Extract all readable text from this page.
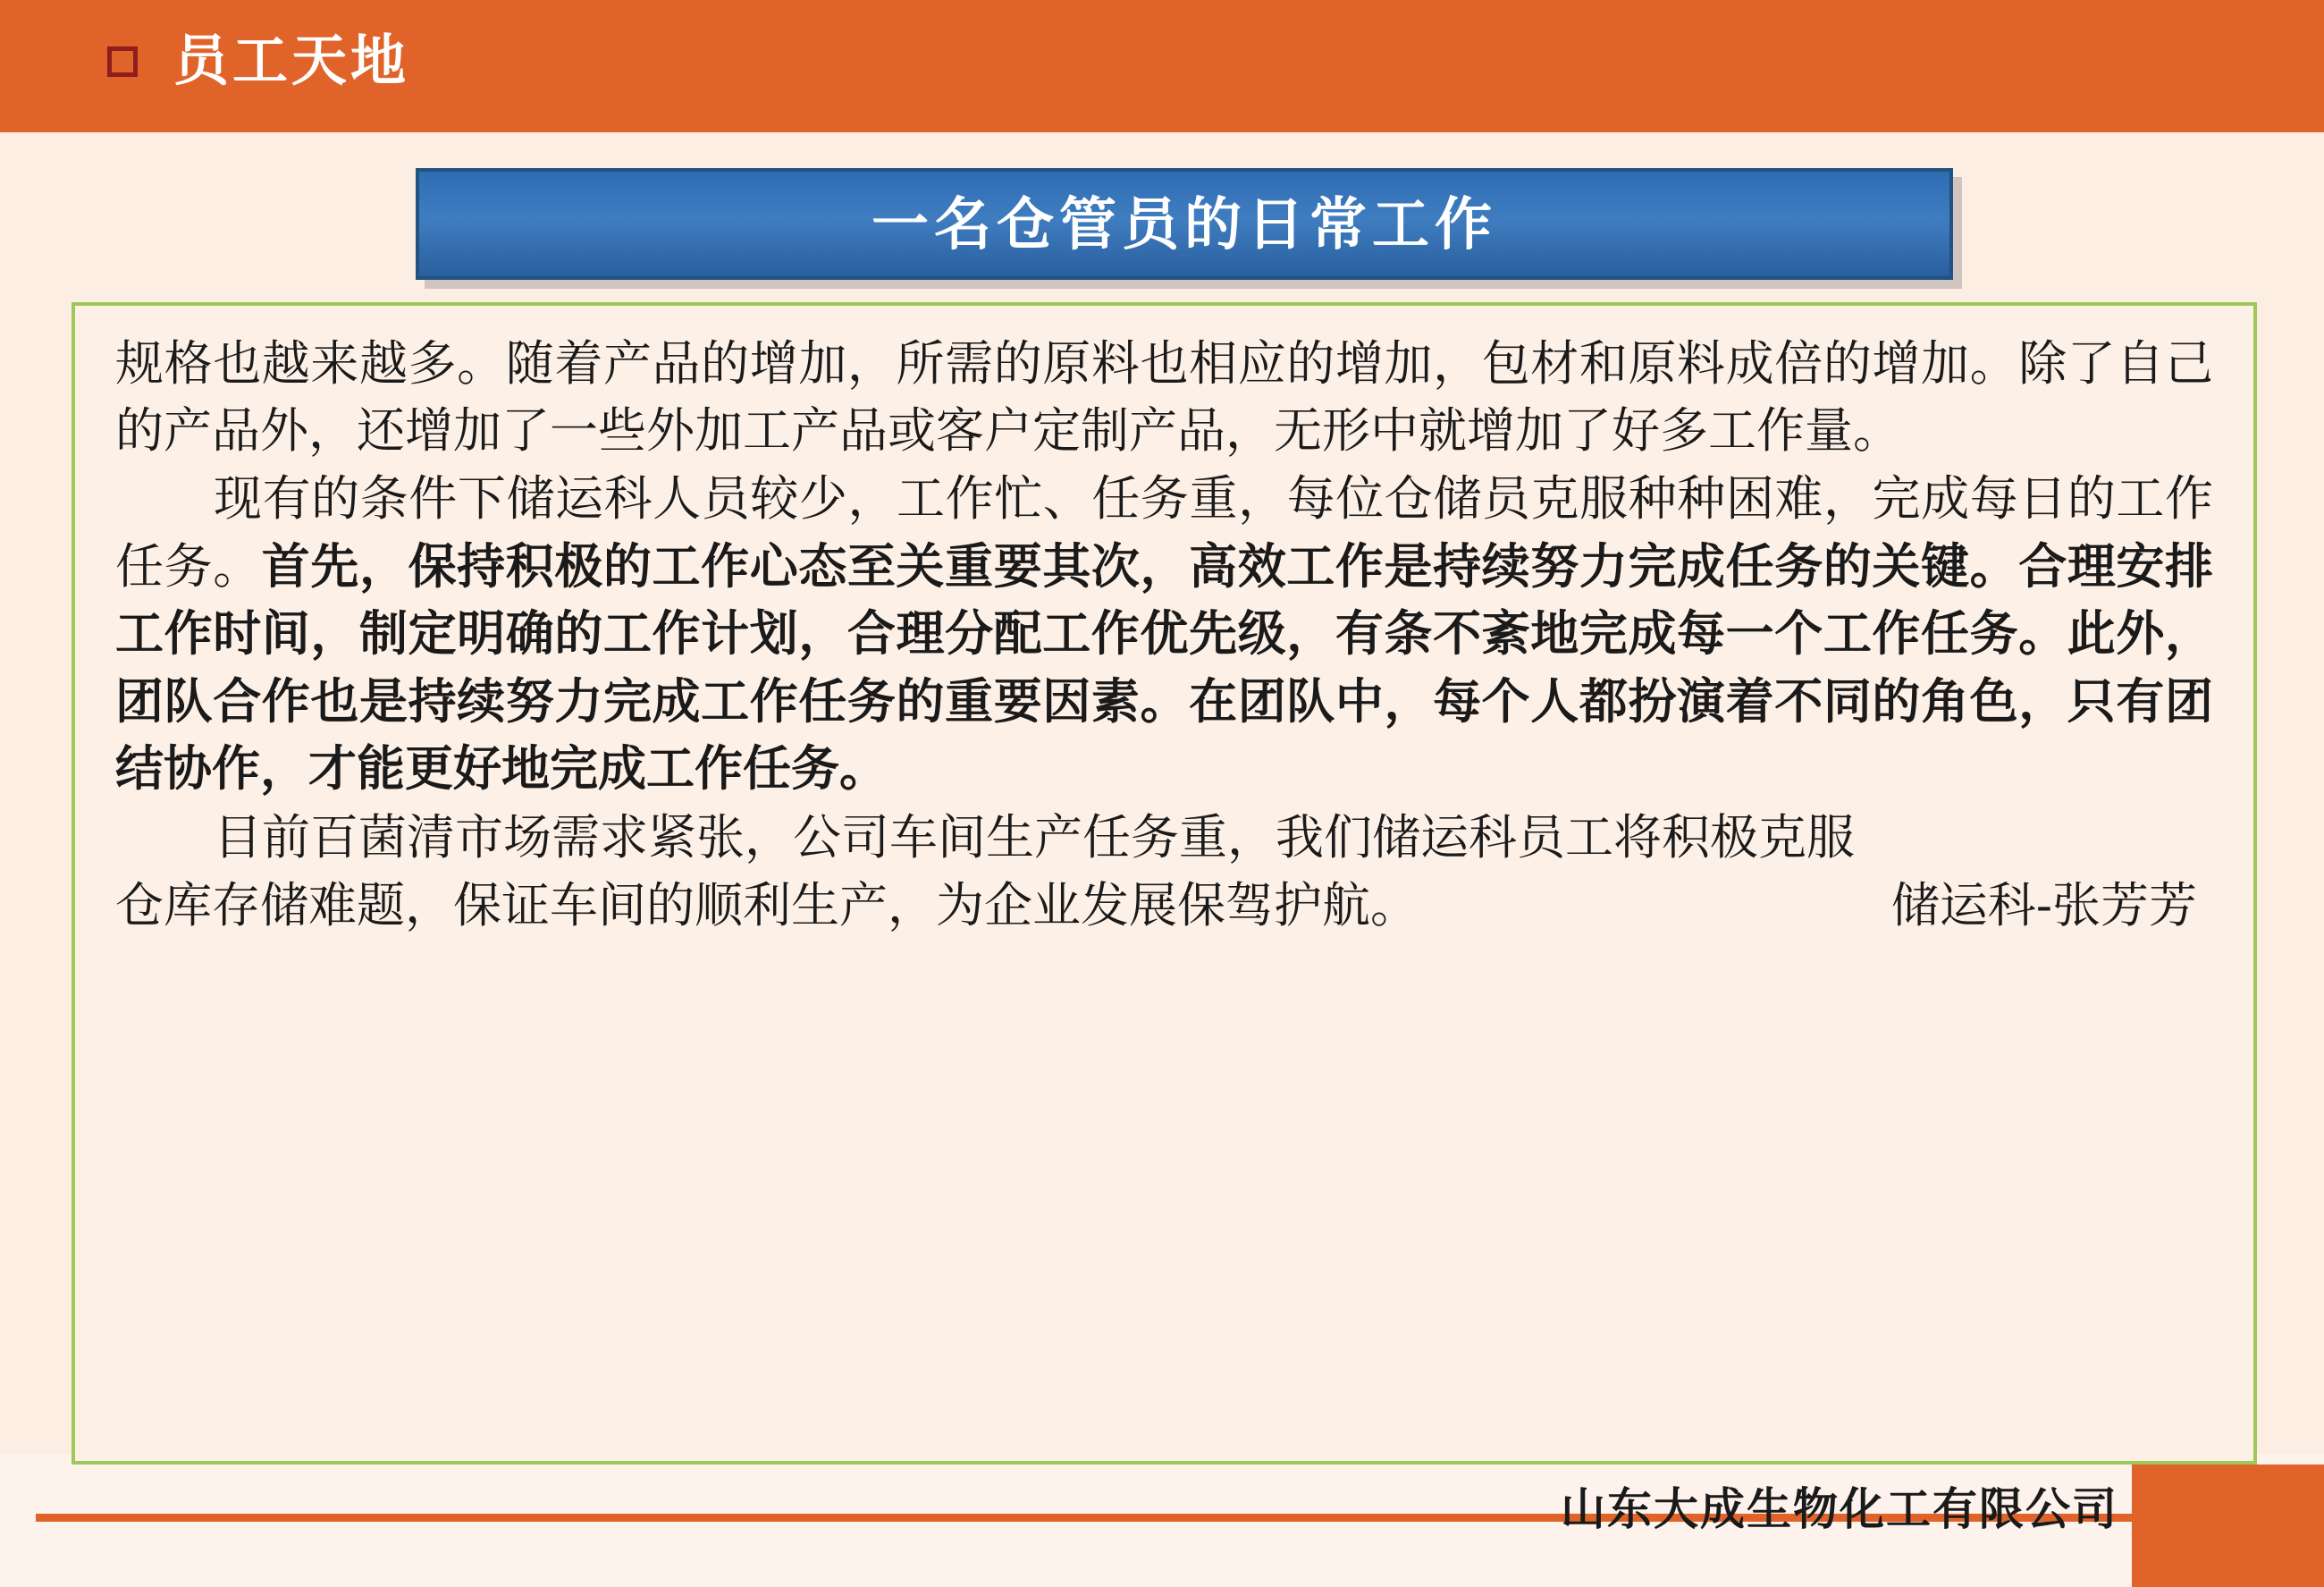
员工天地
一名仓管员的日常工作

规格也越来越多。随着产品的增加，所需的原料也相应的增加，包材和原料成倍的增加。除了自己的产品外，还增加了一些外加工产品或客户定制产品，无形中就增加了好多工作量。

现有的条件下储运科人员较少，工作忙、任务重，每位仓储员克服种种困难，完成每日的工作任务。首先，保持积极的工作心态至关重要其次，高效工作是持续努力完成任务的关键。合理安排工作时间，制定明确的工作计划，合理分配工作优先级，有条不紊地完成每一个工作任务。此外，团队合作也是持续努力完成工作任务的重要因素。在团队中，每个人都扮演着不同的角色，只有团结协作，才能更好地完成工作任务。

目前百菌清市场需求紧张，公司车间生产任务重，我们储运科员工将积极克服

仓库存储难题，保证车间的顺利生产，为企业发展保驾护航。	储运科-张芳芳
山东大成生物化工有限公司
